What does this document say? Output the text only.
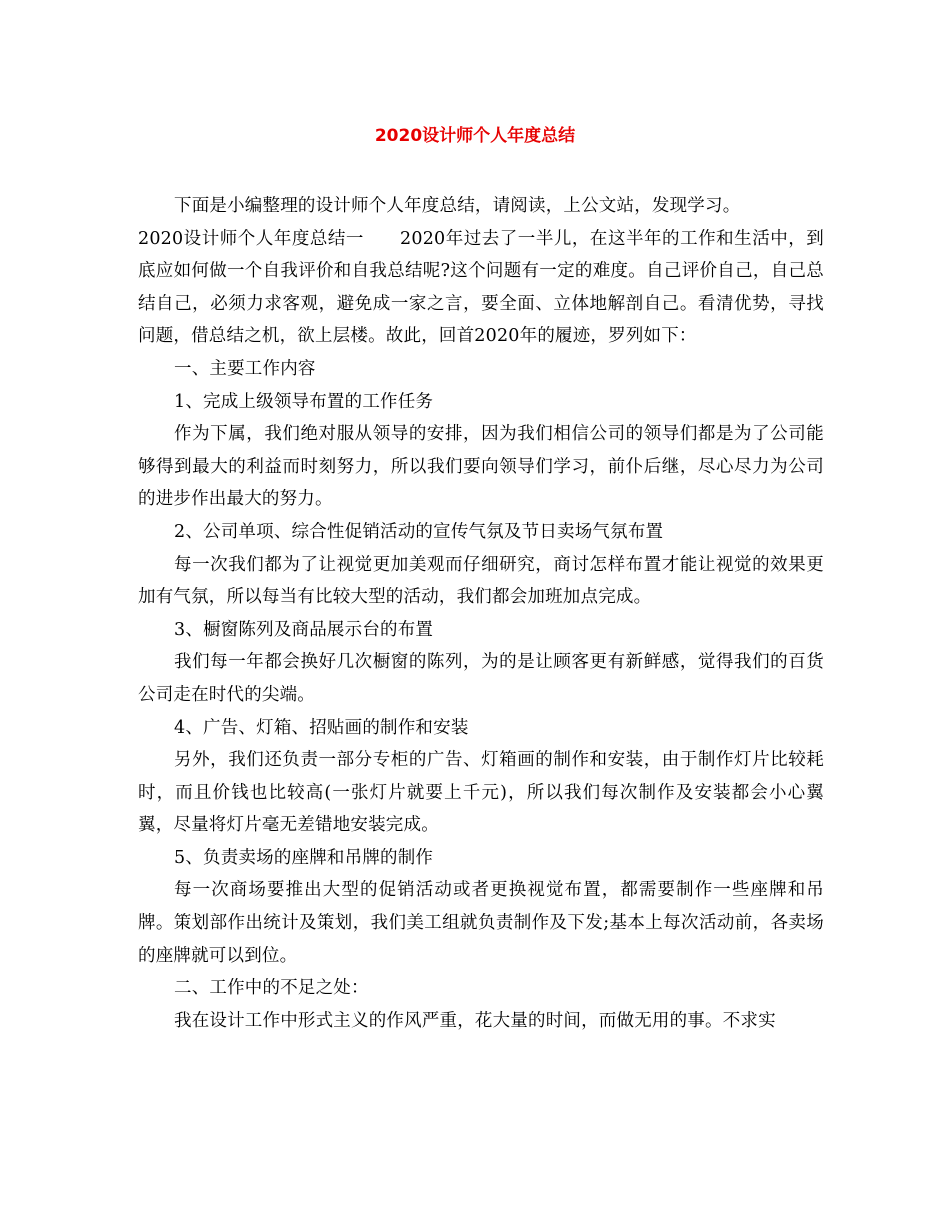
2020设计师个人年度总结

下面是小编整理的设计师个人年度总结，请阅读，上公文站，发现学习。

2020设计师个人年度总结一　　2020年过去了一半儿，在这半年的工作和生活中，到底应如何做一个自我评价和自我总结呢?这个问题有一定的难度。自己评价自己，自己总结自己，必须力求客观，避免成一家之言，要全面、立体地解剖自己。看清优势，寻找问题，借总结之机，欲上层楼。故此，回首2020年的履迹，罗列如下：

一、主要工作内容

1、完成上级领导布置的工作任务

作为下属，我们绝对服从领导的安排，因为我们相信公司的领导们都是为了公司能够得到最大的利益而时刻努力，所以我们要向领导们学习，前仆后继，尽心尽力为公司的进步作出最大的努力。

2、公司单项、综合性促销活动的宣传气氛及节日卖场气氛布置

每一次我们都为了让视觉更加美观而仔细研究，商讨怎样布置才能让视觉的效果更加有气氛，所以每当有比较大型的活动，我们都会加班加点完成。

3、橱窗陈列及商品展示台的布置

我们每一年都会换好几次橱窗的陈列，为的是让顾客更有新鲜感，觉得我们的百货公司走在时代的尖端。

4、广告、灯箱、招贴画的制作和安装

另外，我们还负责一部分专柜的广告、灯箱画的制作和安装，由于制作灯片比较耗时，而且价钱也比较高(一张灯片就要上千元)，所以我们每次制作及安装都会小心翼翼，尽量将灯片毫无差错地安装完成。

5、负责卖场的座牌和吊牌的制作

每一次商场要推出大型的促销活动或者更换视觉布置，都需要制作一些座牌和吊牌。策划部作出统计及策划，我们美工组就负责制作及下发;基本上每次活动前，各卖场的座牌就可以到位。

二、工作中的不足之处：

我在设计工作中形式主义的作风严重，花大量的时间，而做无用的事。不求实
